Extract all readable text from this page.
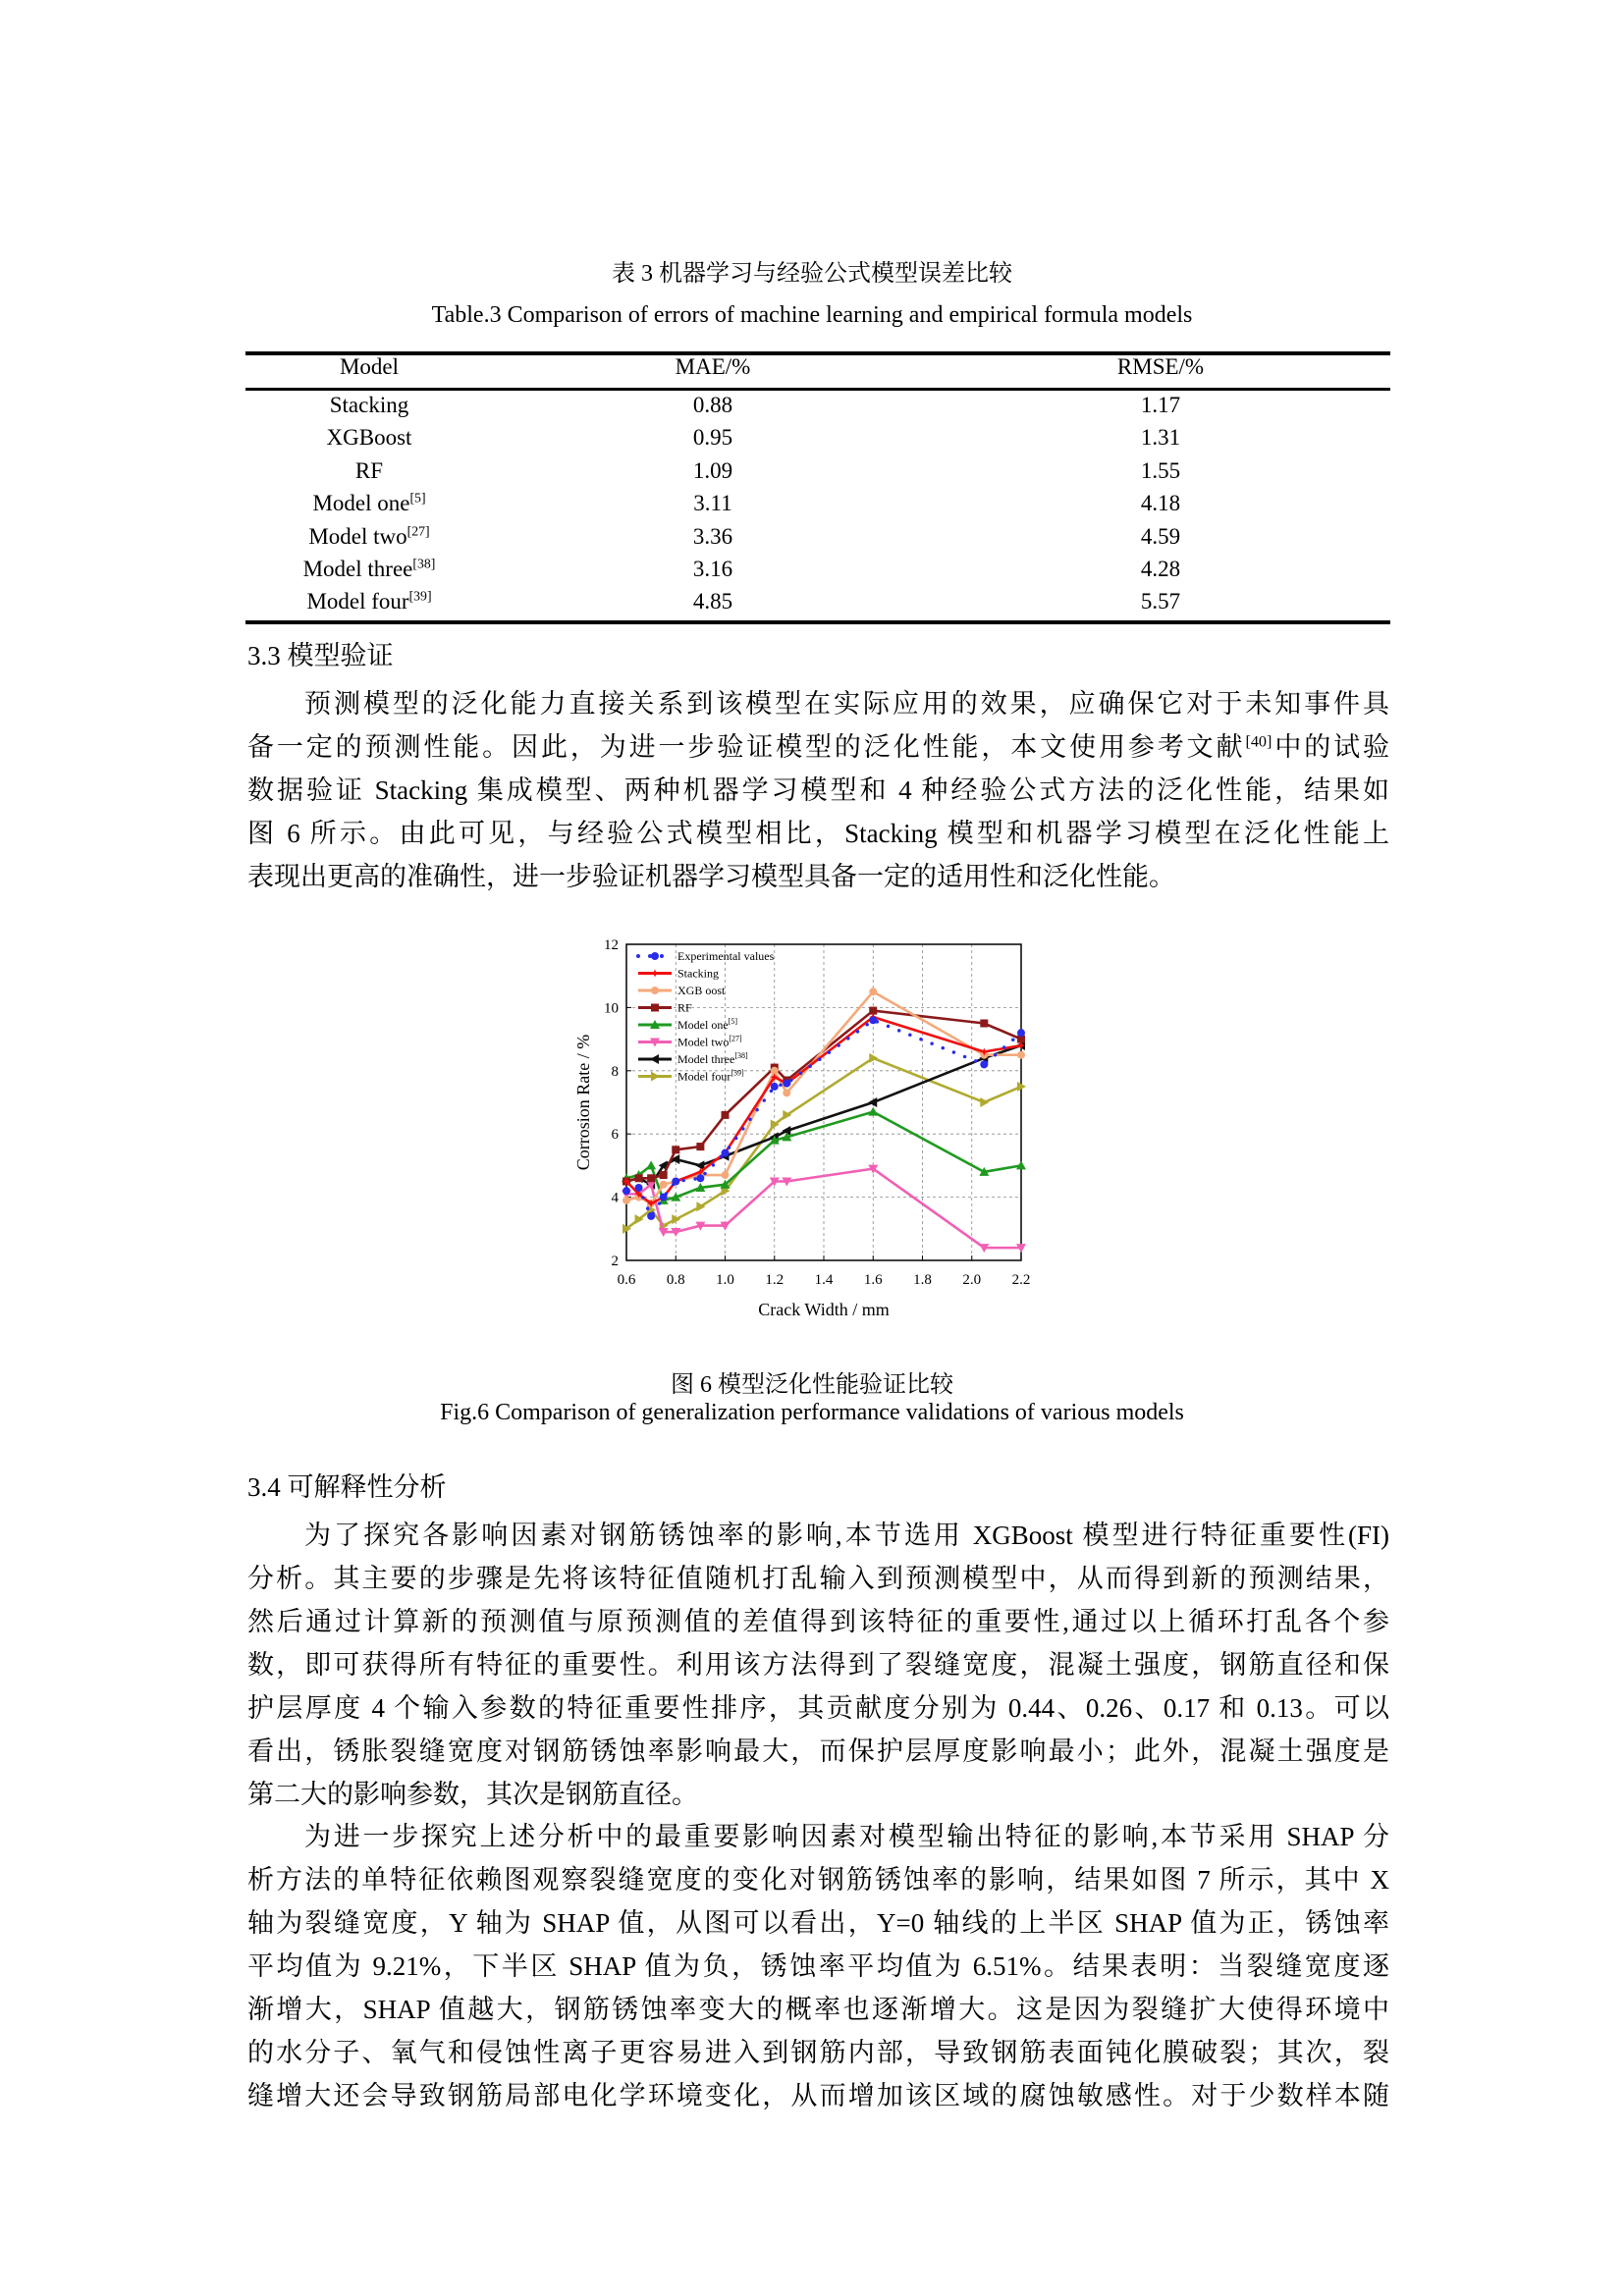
表 3 机器学习与经验公式模型误差比较
Table.3 Comparison of errors of machine learning and empirical formula models
Model	MAE/%	RMSE/%
Stacking	0.88	1.17
XGBoost	0.95	1.31
RF	1.09	1.55
Model one[5]	3.11	4.18
Model two[27]	3.36	4.59
Model three[38]	3.16	4.28
Model four[39]	4.85	5.57
3.3 模型验证
预测模型的泛化能力直接关系到该模型在实际应用的效果，应确保它对于未知事件具
备一定的预测性能。因此，为进一步验证模型的泛化性能，本文使用参考文献[40]中的试验
数据验证 Stacking 集成模型、两种机器学习模型和 4 种经验公式方法的泛化性能，结果如
图 6 所示。由此可见，与经验公式模型相比，Stacking 模型和机器学习模型在泛化性能上
表现出更高的准确性，进一步验证机器学习模型具备一定的适用性和泛化性能。
0.6 0.8 1.0 1.2 1.4 1.6 1.8 2.0 2.2
2
4
6
8
10
12
Crack Width / mm
Corrosion Rate / %
Experimental values
Stacking
XGB oost
RF
Model one[5]
Model two[27]
Model three[38]
Model four[39]
图 6 模型泛化性能验证比较
Fig.6 Comparison of generalization performance validations of various models
3.4 可解释性分析
为了探究各影响因素对钢筋锈蚀率的影响,本节选用 XGBoost 模型进行特征重要性(FI)
分析。其主要的步骤是先将该特征值随机打乱输入到预测模型中，从而得到新的预测结果，
然后通过计算新的预测值与原预测值的差值得到该特征的重要性,通过以上循环打乱各个参
数，即可获得所有特征的重要性。利用该方法得到了裂缝宽度，混凝土强度，钢筋直径和保
护层厚度 4 个输入参数的特征重要性排序，其贡献度分别为 0.44、0.26、0.17 和 0.13。可以
看出，锈胀裂缝宽度对钢筋锈蚀率影响最大，而保护层厚度影响最小；此外，混凝土强度是
第二大的影响参数，其次是钢筋直径。
为进一步探究上述分析中的最重要影响因素对模型输出特征的影响,本节采用 SHAP 分
析方法的单特征依赖图观察裂缝宽度的变化对钢筋锈蚀率的影响，结果如图 7 所示，其中 X
轴为裂缝宽度，Y 轴为 SHAP 值，从图可以看出，Y=0 轴线的上半区 SHAP 值为正，锈蚀率
平均值为 9.21%，下半区 SHAP 值为负，锈蚀率平均值为 6.51%。结果表明：当裂缝宽度逐
渐增大，SHAP 值越大，钢筋锈蚀率变大的概率也逐渐增大。这是因为裂缝扩大使得环境中
的水分子、氧气和侵蚀性离子更容易进入到钢筋内部，导致钢筋表面钝化膜破裂；其次，裂
缝增大还会导致钢筋局部电化学环境变化，从而增加该区域的腐蚀敏感性。对于少数样本随
